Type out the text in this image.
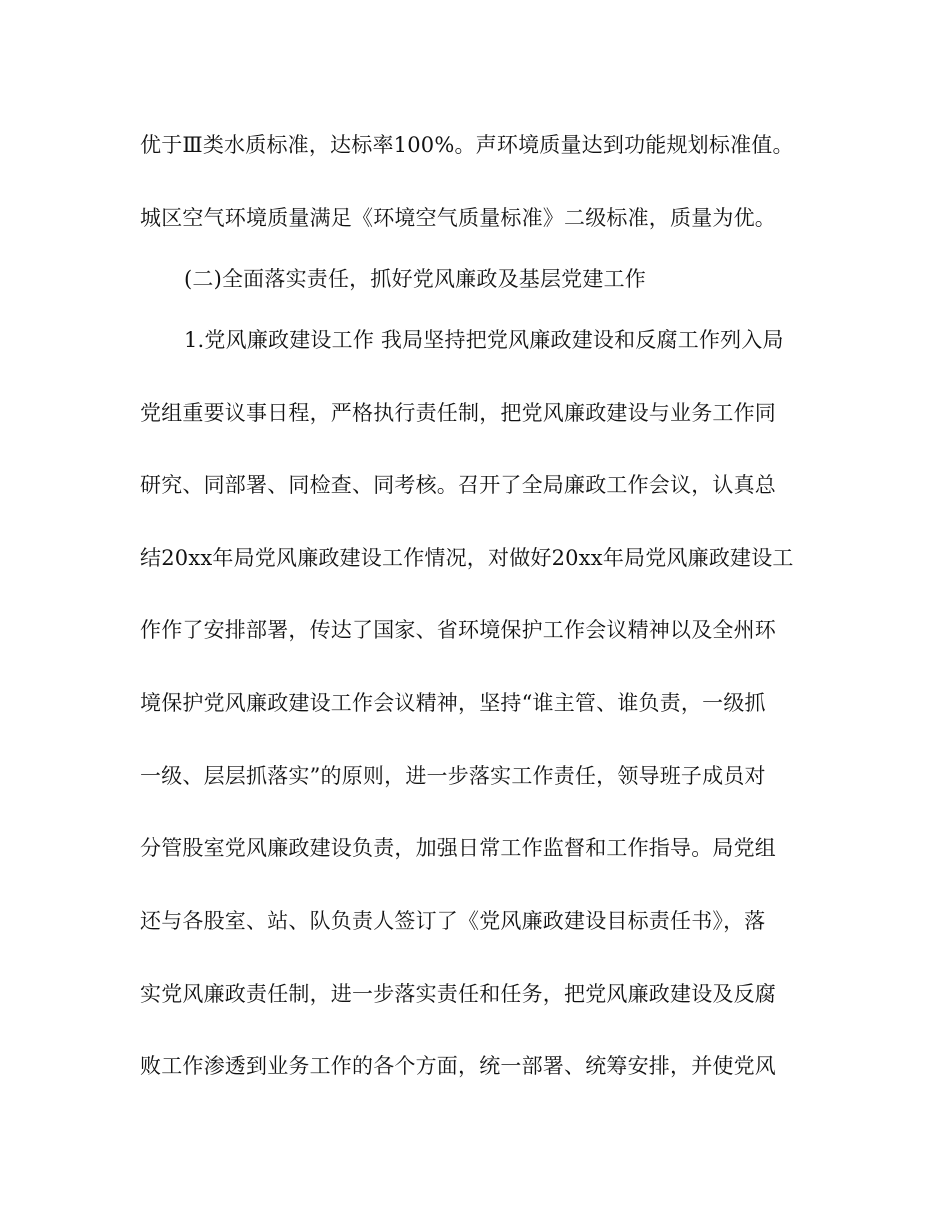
优于Ⅲ类水质标准，达标率100%。声环境质量达到功能规划标准值。
城区空气环境质量满足《环境空气质量标准》二级标准，质量为优。
(二)全面落实责任，抓好党风廉政及基层党建工作
1.党风廉政建设工作 我局坚持把党风廉政建设和反腐工作列入局
党组重要议事日程，严格执行责任制，把党风廉政建设与业务工作同
研究、同部署、同检查、同考核。召开了全局廉政工作会议，认真总
结20xx年局党风廉政建设工作情况，对做好20xx年局党风廉政建设工
作作了安排部署，传达了国家、省环境保护工作会议精神以及全州环
境保护党风廉政建设工作会议精神，坚持“谁主管、谁负责，一级抓
一级、层层抓落实”的原则，进一步落实工作责任，领导班子成员对
分管股室党风廉政建设负责，加强日常工作监督和工作指导。局党组
还与各股室、站、队负责人签订了《党风廉政建设目标责任书》，落
实党风廉政责任制，进一步落实责任和任务，把党风廉政建设及反腐
败工作渗透到业务工作的各个方面，统一部署、统筹安排，并使党风
